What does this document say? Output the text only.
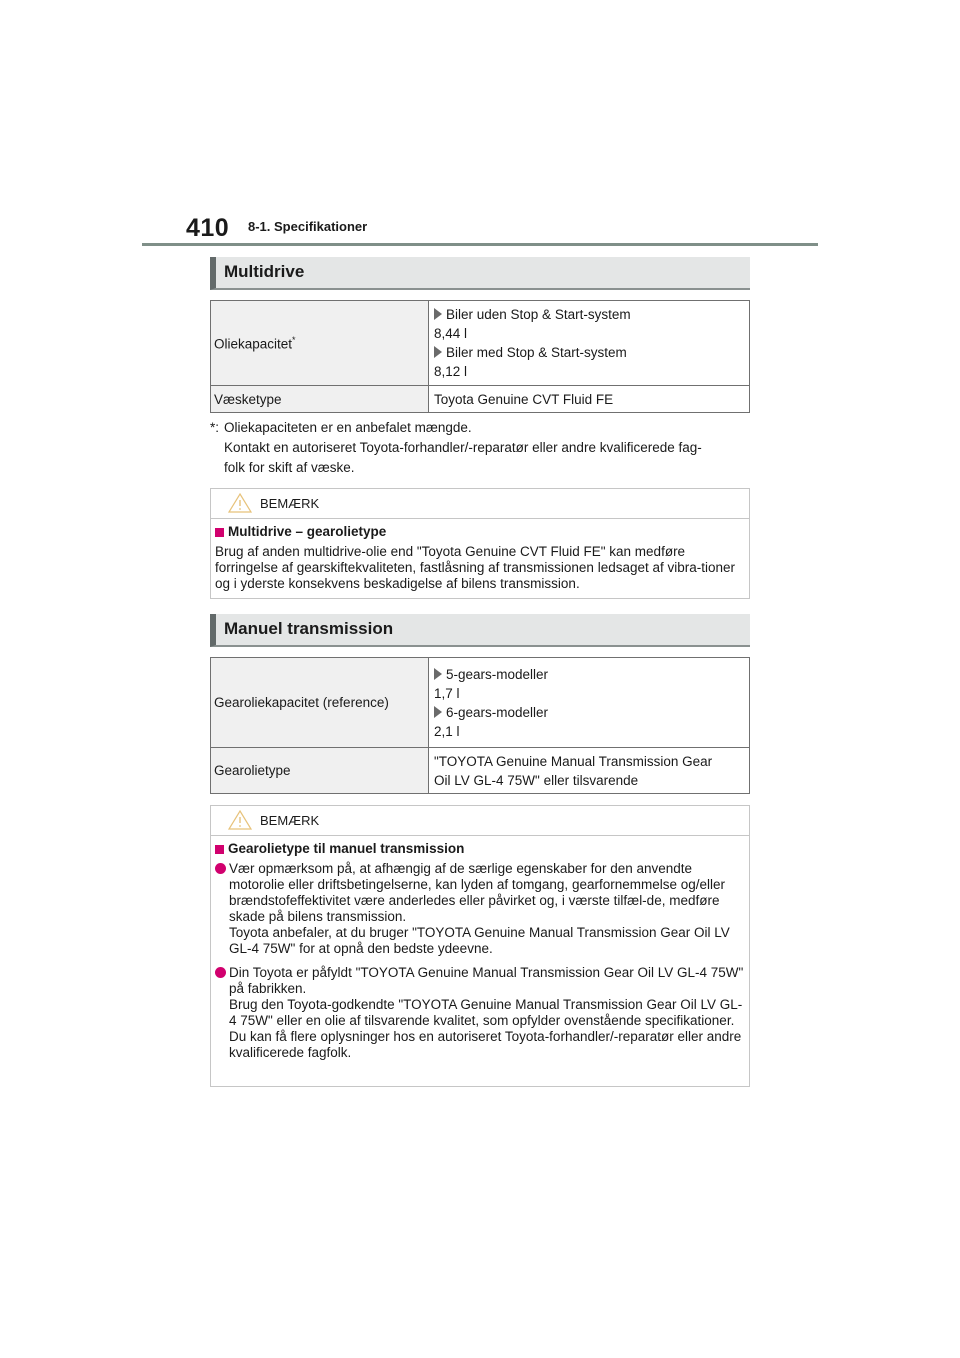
410 8-1. Specifikationer
Multidrive
Oliekapacitet*	Biler uden Stop & Start-system
8,44 l
Biler med Stop & Start-system
8,12 l

Væsketype	Toyota Genuine CVT Fluid FE
*: Oliekapaciteten er en anbefalet mængde.
Kontakt en autoriseret Toyota-forhandler/-reparatør eller andre kvalificerede fag-
folk for skift af væske.
BEMÆRK
Multidrive – gearolietype
Brug af anden multidrive-olie end "Toyota Genuine CVT Fluid FE" kan medføre forringelse af gearskiftekvaliteten, fastlåsning af transmissionen ledsaget af vibra-tioner og i yderste konsekvens beskadigelse af bilens transmission.
Manuel transmission
Gearoliekapacitet (reference)	5-gears-modeller
1,7 l
6-gears-modeller
2,1 l

Gearolietype	"TOYOTA Genuine Manual Transmission Gear
Oil LV GL-4 75W" eller tilsvarende
BEMÆRK
Gearolietype til manuel transmission

Vær opmærksom på, at afhængig af de særlige egenskaber for den anvendte motorolie eller driftsbetingelserne, kan lyden af tomgang, gearfornemmelse og/eller brændstofeffektivitet være anderledes eller påvirket og, i værste tilfæl-de, medføre skade på bilens transmission.

Toyota anbefaler, at du bruger "TOYOTA Genuine Manual Transmission Gear Oil LV GL-4 75W" for at opnå den bedste ydeevne.

Din Toyota er påfyldt "TOYOTA Genuine Manual Transmission Gear Oil LV GL-4 75W" på fabrikken.

Brug den Toyota-godkendte "TOYOTA Genuine Manual Transmission Gear Oil LV GL-4 75W" eller en olie af tilsvarende kvalitet, som opfylder ovenstående specifikationer.

Du kan få flere oplysninger hos en autoriseret Toyota-forhandler/-reparatør eller andre kvalificerede fagfolk.
